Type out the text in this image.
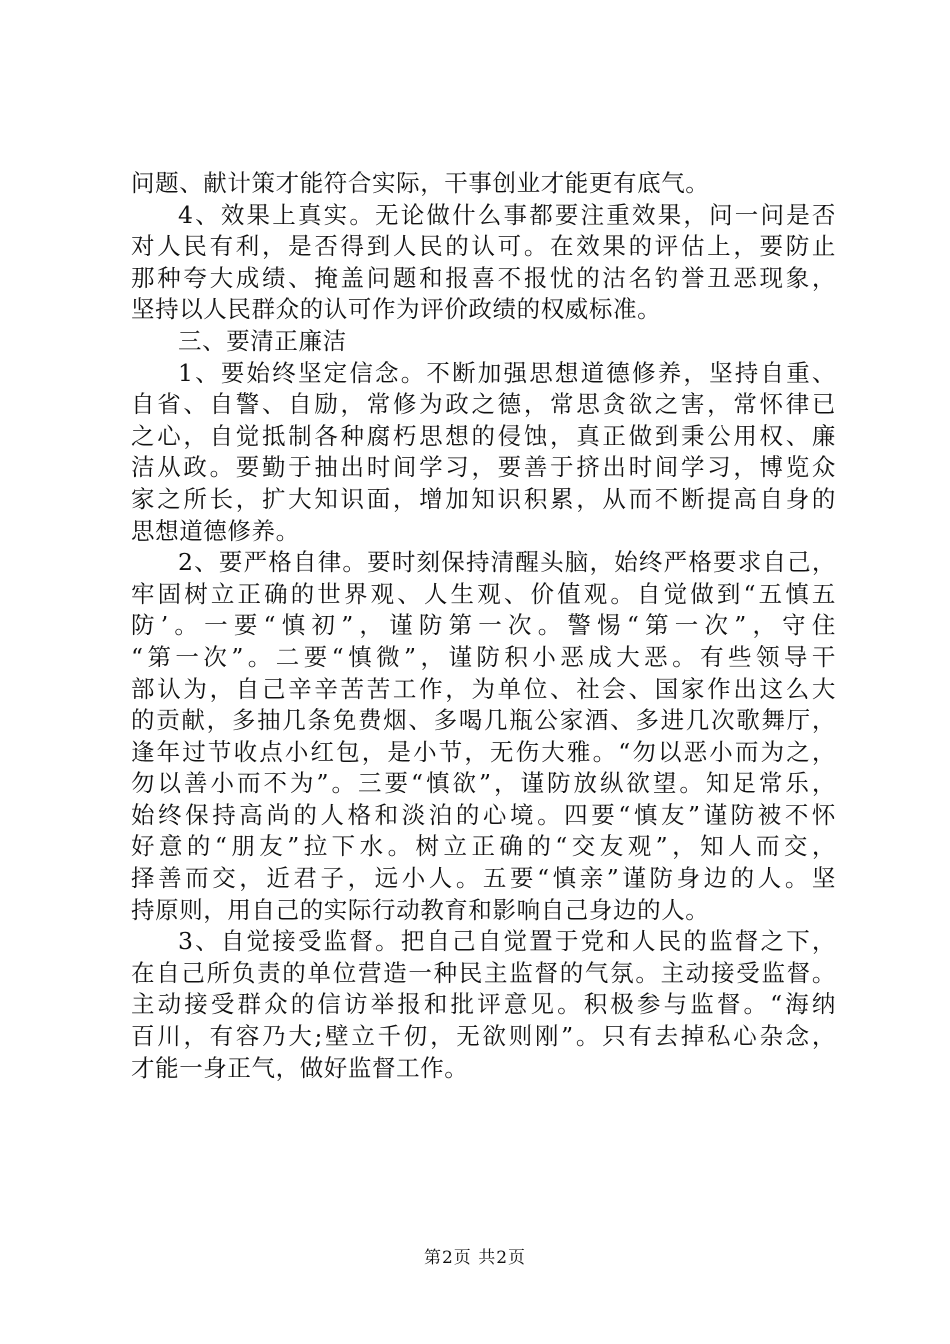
问题、献计策才能符合实际，干事创业才能更有底气。
4、效果上真实。无论做什么事都要注重效果，问一问是否
对人民有利，是否得到人民的认可。在效果的评估上，要防止
那种夸大成绩、掩盖问题和报喜不报忧的沽名钓誉丑恶现象，
坚持以人民群众的认可作为评价政绩的权威标准。
三、要清正廉洁
1、要始终坚定信念。不断加强思想道德修养，坚持自重、
自省、自警、自励，常修为政之德，常思贪欲之害，常怀律已
之心，自觉抵制各种腐朽思想的侵蚀，真正做到秉公用权、廉
洁从政。要勤于抽出时间学习，要善于挤出时间学习，博览众
家之所长，扩大知识面，增加知识积累，从而不断提高自身的
思想道德修养。
2、要严格自律。要时刻保持清醒头脑，始终严格要求自己，
牢固树立正确的世界观、人生观、价值观。自觉做到“五慎五
防’。一要“慎初”，谨防第一次。警惕“第一次”，守住
“第一次”。二要“慎微”，谨防积小恶成大恶。有些领导干
部认为，自己辛辛苦苦工作，为单位、社会、国家作出这么大
的贡献，多抽几条免费烟、多喝几瓶公家酒、多进几次歌舞厅，
逢年过节收点小红包，是小节，无伤大雅。“勿以恶小而为之，
勿以善小而不为”。三要“慎欲”，谨防放纵欲望。知足常乐，
始终保持高尚的人格和淡泊的心境。四要“慎友”谨防被不怀
好意的“朋友”拉下水。树立正确的“交友观”，知人而交，
择善而交，近君子，远小人。五要“慎亲”谨防身边的人。坚
持原则，用自己的实际行动教育和影响自己身边的人。
3、自觉接受监督。把自己自觉置于党和人民的监督之下，
在自己所负责的单位营造一种民主监督的气氛。主动接受监督。
主动接受群众的信访举报和批评意见。积极参与监督。“海纳
百川，有容乃大;壁立千仞，无欲则刚”。只有去掉私心杂念，
才能一身正气，做好监督工作。
第2页 共2页
